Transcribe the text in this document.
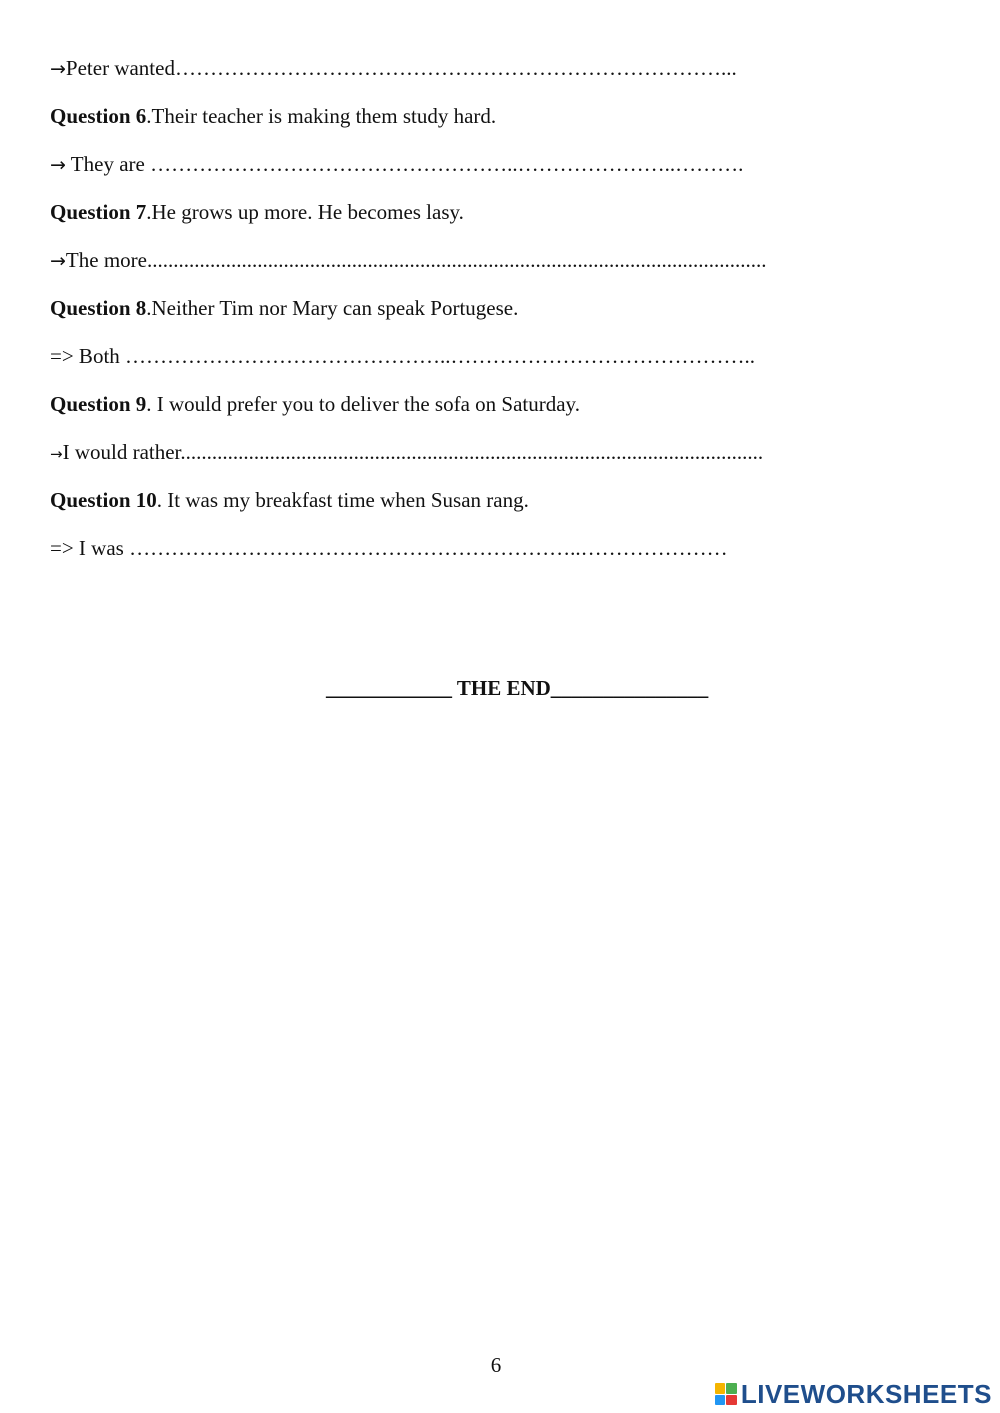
→Peter wanted……………………………………………………………………...
Question 6.Their teacher is making them study hard.
→ They are ……………………………………………..…………………..……….
Question 7.He grows up more. He becomes lasy.
→The more......................................................................................................................
Question 8.Neither Tim nor Mary can speak Portugese.
=> Both ………………………………………..……………………………………..
Question 9. I would prefer you to deliver the sofa on Saturday.
→I would rather...............................................................................................................
Question 10. It was my breakfast time when Susan rang.
=> I was ………………………………………………………..…………………
____________ THE END_______________
6
LIVEWORKSHEETS
